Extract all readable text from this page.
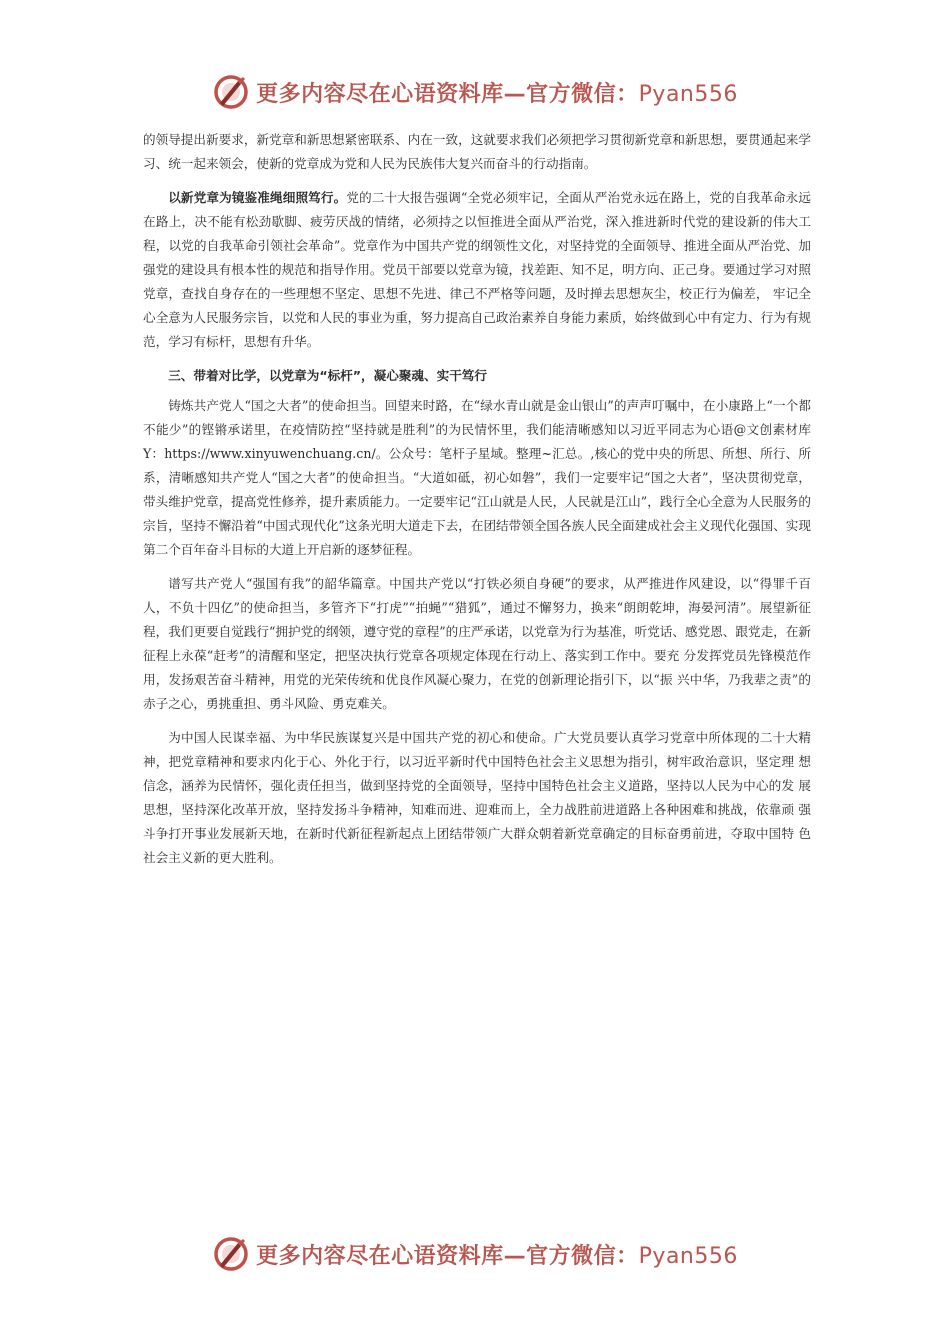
更多内容尽在心语资料库—官方微信：Pyan556

的领导提出新要求，新党章和新思想紧密联系、内在一致，这就要求我们必须把学习贯彻新党章和新思想，要贯通起来学习、统一起来领会，使新的党章成为党和人民为民族伟大复兴而奋斗的行动指南。

以新党章为镜鉴准绳细照笃行。党的二十大报告强调“全党必须牢记，全面从严治党永远在路上，党的自我革命永远在路上，决不能有松劲歇脚、疲劳厌战的情绪，必须持之以恒推进全面从严治党，深入推进新时代党的建设新的伟大工程，以党的自我革命引领社会革命”。党章作为中国共产党的纲领性文化，对坚持党的全面领导、推进全面从严治党、加强党的建设具有根本性的规范和指导作用。党员干部要以党章为镜，找差距、知不足，明方向、正己身。要通过学习对照党章，查找自身存在的一些理想不坚定、思想不先进、律己不严格等问题，及时掸去思想灰尘，校正行为偏差， 牢记全心全意为人民服务宗旨，以党和人民的事业为重，努力提高自己政治素养自身能力素质，始终做到心中有定力、行为有规范，学习有标杆，思想有升华。

三、带着对比学，以党章为“标杆”，凝心聚魂、实干笃行

铸炼共产党人“国之大者”的使命担当。回望来时路，在“绿水青山就是金山银山”的声声叮嘱中，在小康路上“一个都不能少”的铿锵承诺里，在疫情防控“坚持就是胜利”的为民情怀里，我们能清晰感知以习近平同志为心语@文创素材库Y：https://www.xinyuwenchuang.cn/。公众号：笔杆子星域。整理~汇总。,核心的党中央的所思、所想、所行、所系，清晰感知共产党人“国之大者”的使命担当。“大道如砥，初心如磐”，我们一定要牢记“国之大者”，坚决贯彻党章，带头维护党章，提高党性修养，提升素质能力。一定要牢记“江山就是人民，人民就是江山”，践行全心全意为人民服务的宗旨，坚持不懈沿着“中国式现代化”这条光明大道走下去，在团结带领全国各族人民全面建成社会主义现代化强国、实现第二个百年奋斗目标的大道上开启新的逐梦征程。

谱写共产党人“强国有我”的韶华篇章。中国共产党以“打铁必须自身硬”的要求，从严推进作风建设，以“得罪千百人，不负十四亿”的使命担当，多管齐下“打虎”“拍蝇”“猎狐”，通过不懈努力，换来“朗朗乾坤，海晏河清”。展望新征程，我们更要自觉践行“拥护党的纲领，遵守党的章程”的庄严承诺，以党章为行为基准，听党话、感党恩、跟党走，在新征程上永葆“赶考”的清醒和坚定，把坚决执行党章各项规定体现在行动上、落实到工作中。要充 分发挥党员先锋模范作用，发扬艰苦奋斗精神，用党的光荣传统和优良作风凝心聚力，在党的创新理论指引下，以“振 兴中华，乃我辈之责”的赤子之心，勇挑重担、勇斗风险、勇克难关。

为中国人民谋幸福、为中华民族谋复兴是中国共产党的初心和使命。广大党员要认真学习党章中所体现的二十大精神，把党章精神和要求内化于心、外化于行，以习近平新时代中国特色社会主义思想为指引，树牢政治意识，坚定理 想信念，涵养为民情怀，强化责任担当，做到坚持党的全面领导，坚持中国特色社会主义道路，坚持以人民为中心的发 展思想，坚持深化改革开放，坚持发扬斗争精神，知难而进、迎难而上，全力战胜前进道路上各种困难和挑战，依靠顽 强斗争打开事业发展新天地，在新时代新征程新起点上团结带领广大群众朝着新党章确定的目标奋勇前进，夺取中国特 色社会主义新的更大胜利。

更多内容尽在心语资料库—官方微信：Pyan556
